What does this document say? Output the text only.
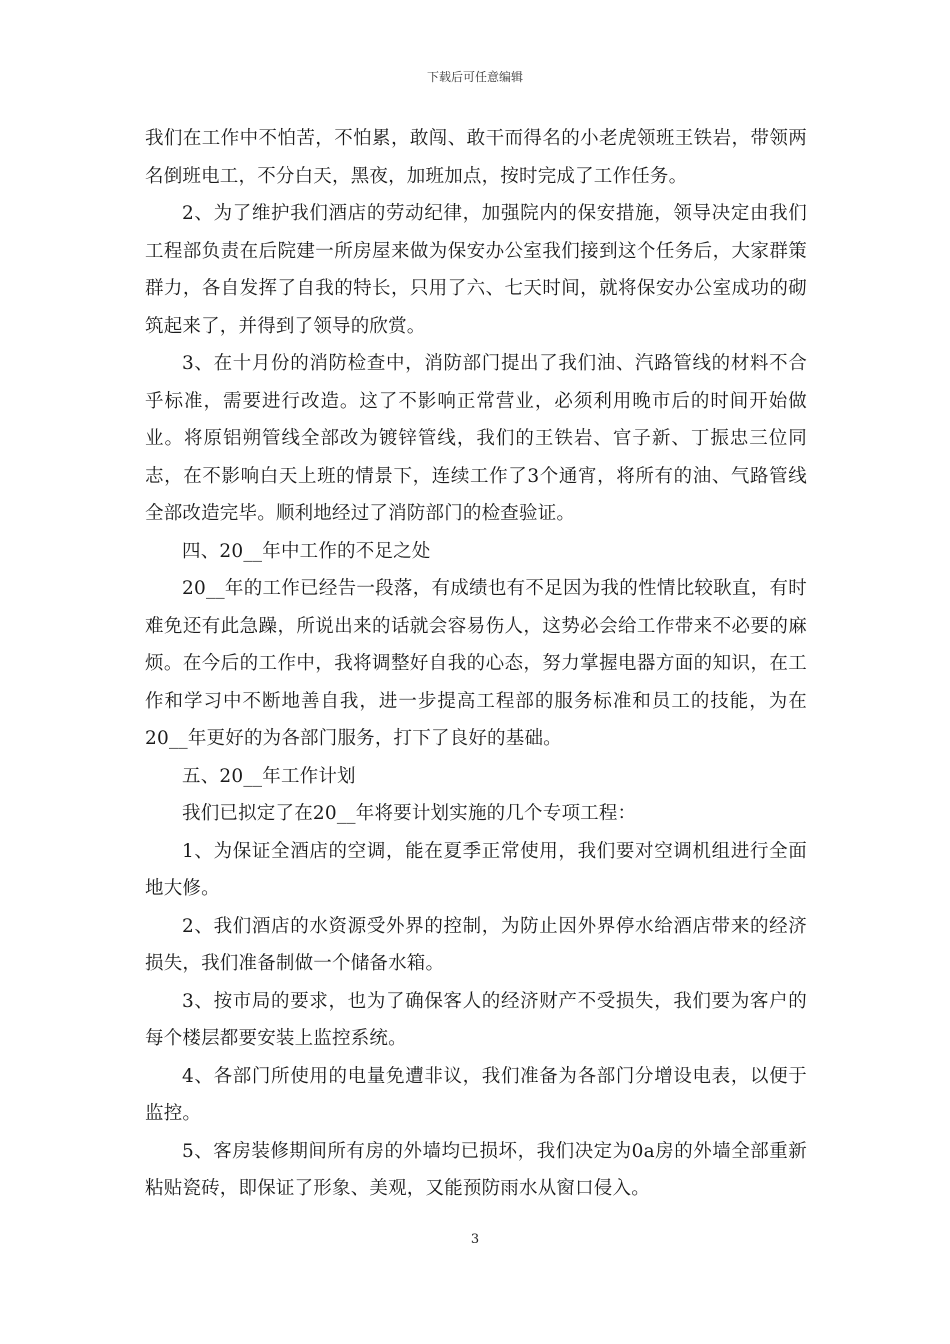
下载后可任意编辑

我们在工作中不怕苦，不怕累，敢闯、敢干而得名的小老虎领班王铁岩，带领两名倒班电工，不分白天，黑夜，加班加点，按时完成了工作任务。

2、为了维护我们酒店的劳动纪律，加强院内的保安措施，领导决定由我们工程部负责在后院建一所房屋来做为保安办公室我们接到这个任务后，大家群策群力，各自发挥了自我的特长，只用了六、七天时间，就将保安办公室成功的砌筑起来了，并得到了领导的欣赏。

3、在十月份的消防检查中，消防部门提出了我们油、汽路管线的材料不合乎标准，需要进行改造。这了不影响正常营业，必须利用晚市后的时间开始做业。将原铝朔管线全部改为镀锌管线，我们的王铁岩、官子新、丁振忠三位同志，在不影响白天上班的情景下，连续工作了3个通宵，将所有的油、气路管线全部改造完毕。顺利地经过了消防部门的检查验证。

四、20__年中工作的不足之处

20__年的工作已经告一段落，有成绩也有不足因为我的性情比较耿直，有时难免还有此急躁，所说出来的话就会容易伤人，这势必会给工作带来不必要的麻烦。在今后的工作中，我将调整好自我的心态，努力掌握电器方面的知识，在工作和学习中不断地善自我，进一步提高工程部的服务标准和员工的技能，为在20__年更好的为各部门服务，打下了良好的基础。

五、20__年工作计划

我们已拟定了在20__年将要计划实施的几个专项工程：

1、为保证全酒店的空调，能在夏季正常使用，我们要对空调机组进行全面地大修。

2、我们酒店的水资源受外界的控制，为防止因外界停水给酒店带来的经济损失，我们准备制做一个储备水箱。

3、按市局的要求，也为了确保客人的经济财产不受损失，我们要为客户的每个楼层都要安装上监控系统。

4、各部门所使用的电量免遭非议，我们准备为各部门分增设电表，以便于监控。

5、客房装修期间所有房的外墙均已损坏，我们决定为0a房的外墙全部重新粘贴瓷砖，即保证了形象、美观，又能预防雨水从窗口侵入。

3
